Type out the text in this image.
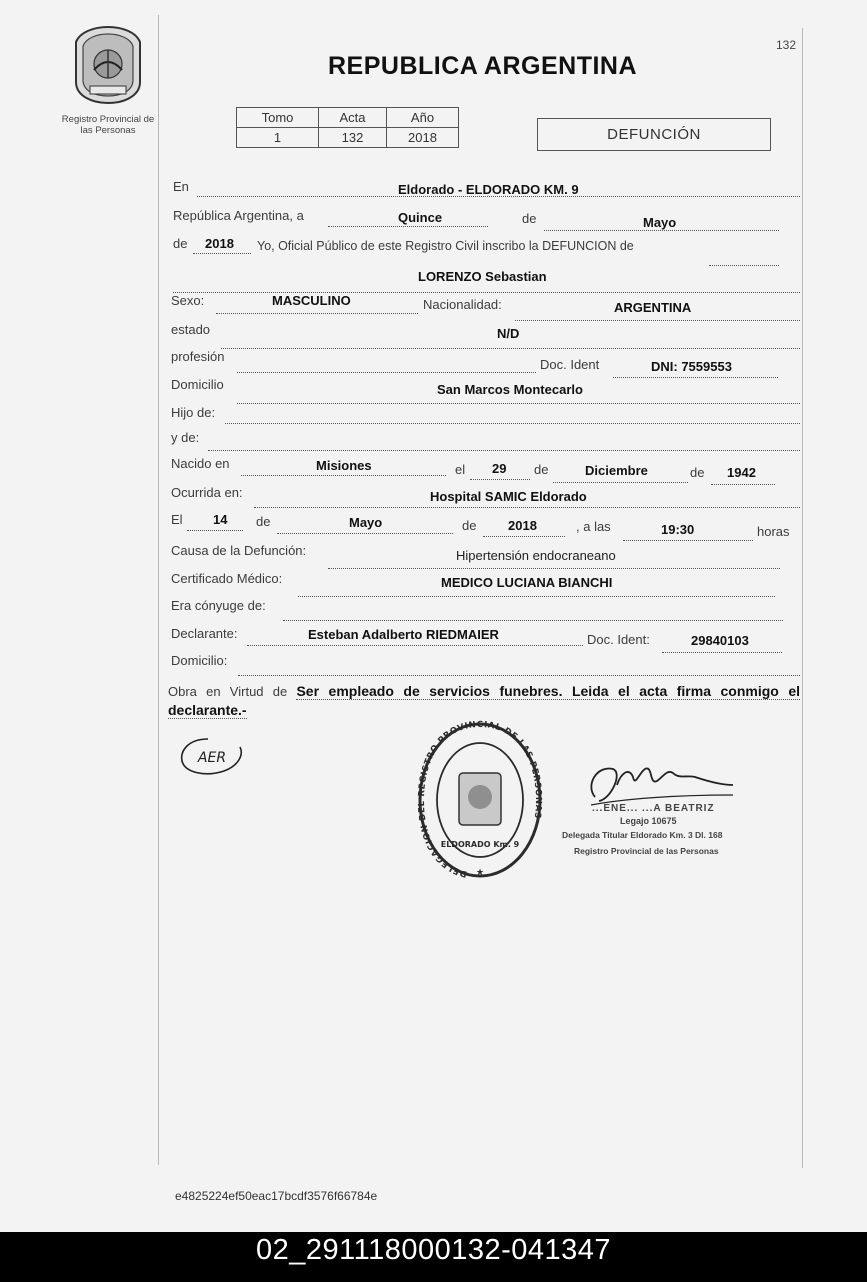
Registro Provincial de
las Personas
132
REPUBLICA ARGENTINA
Tomo	Acta	Año
1	132	2018	DEFUNCIÓN
En	Eldorado - ELDORADO KM. 9
República Argentina, a	Quince	de	Mayo
de 2018 Yo, Oficial Público de este Registro Civil inscribo la DEFUNCION de
LORENZO Sebastian
Sexo:	MASCULINO	Nacionalidad:	ARGENTINA
estado	N/D
profesión
Doc. Ident	DNI: 7559553
Domicilio	San Marcos Montecarlo
Hijo de:
y de:
Nacido en	Misiones	el 29 de	Diciembre	de 1942
Ocurrida en:	Hospital SAMIC Eldorado
El 14 de	Mayo	de 2018	, a las	19:30	horas
Causa de la Defunción:	Hipertensión endocraneano
Certificado Médico:	MEDICO LUCIANA BIANCHI
Era cónyuge de:
Declarante:	Esteban Adalberto RIEDMAIER	Doc. Ident:	29840103
Domicilio:
Obra en Virtud de Ser empleado de servicios funebres. Leida el acta firma conmigo el declarante.-
AER
DELEGACION DEL REGISTRO PROVINCIAL DE LAS PERSONAS
ELDORADO Km. 9
★
...ENE... ...A BEATRIZ
Legajo 10675
Delegada Titular Eldorado Km. 3 Dl. 168
Registro Provincial de las Personas
e4825224ef50eac17bcdf3576f66784e
02_291118000132-041347
